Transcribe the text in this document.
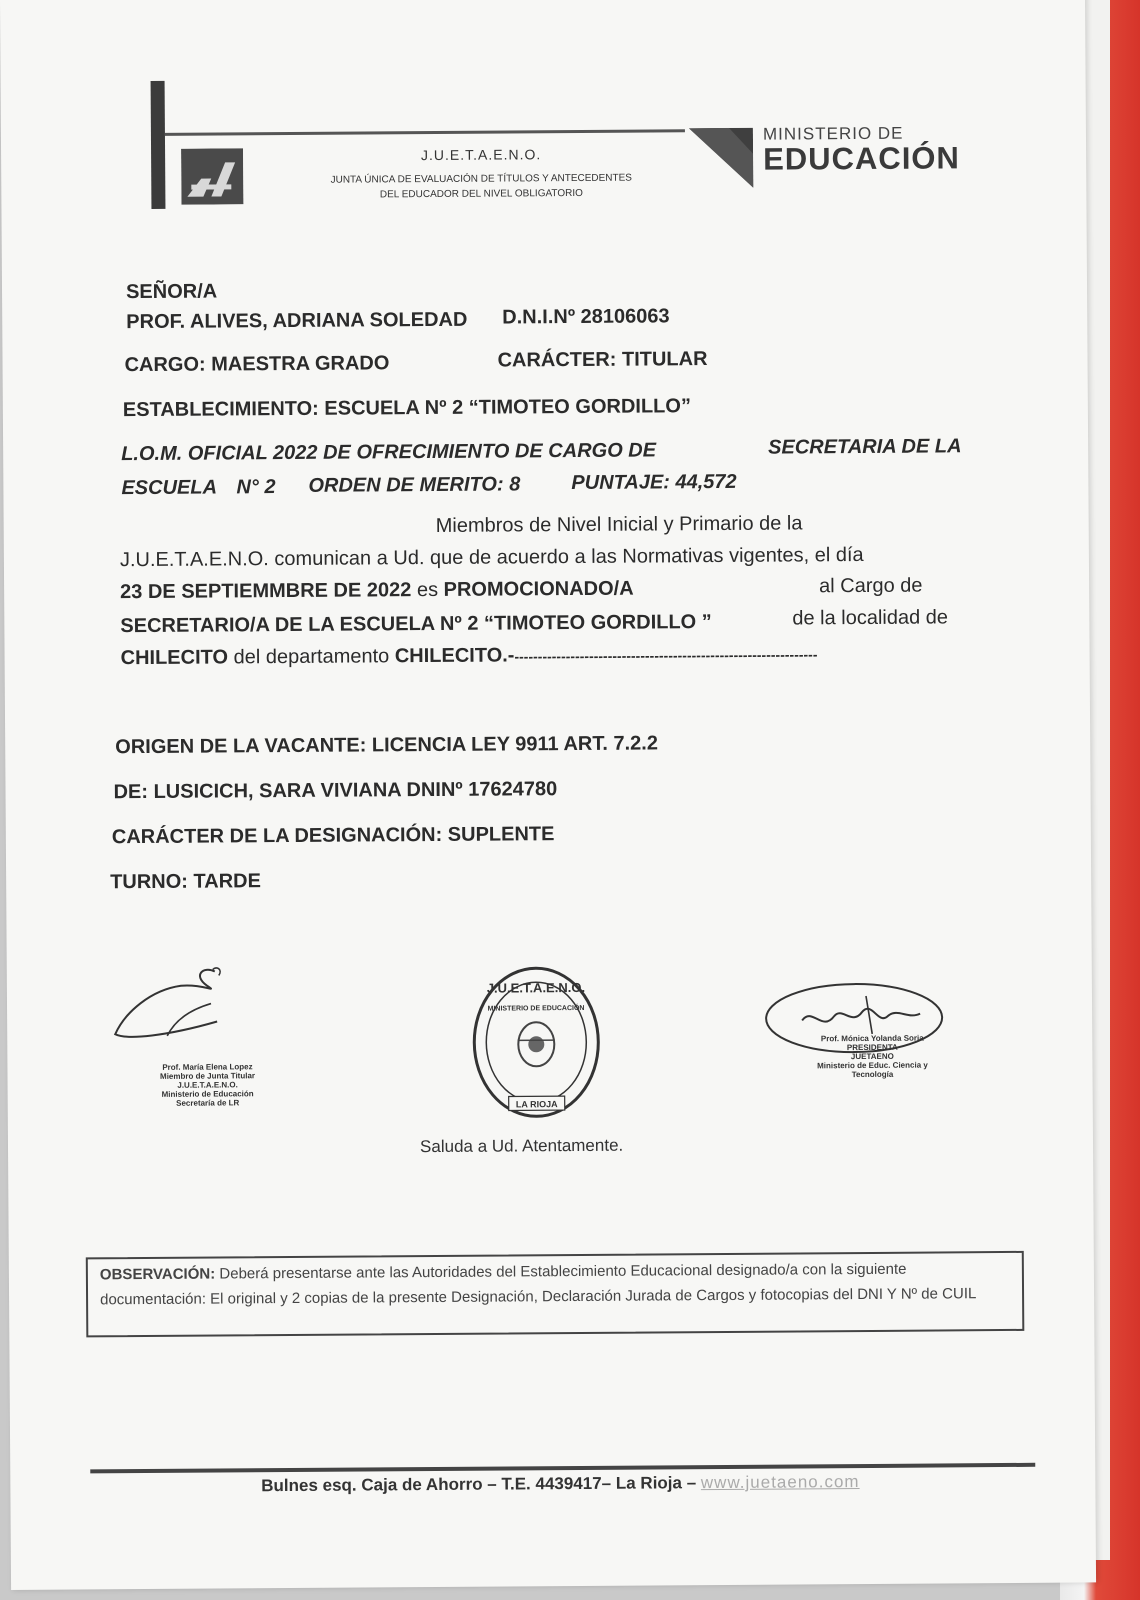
J.U.E.T.A.E.N.O.
JUNTA ÚNICA DE EVALUACIÓN DE TÍTULOS Y ANTECEDENTES
DEL EDUCADOR DEL NIVEL OBLIGATORIO
MINISTERIO DE
EDUCACIÓN
SEÑOR/A
PROF. ALIVES, ADRIANA SOLEDAD D.N.I.Nº 28106063
CARGO: MAESTRA GRADO	CARÁCTER: TITULAR
ESTABLECIMIENTO: ESCUELA Nº 2 “TIMOTEO GORDILLO”
L.O.M. OFICIAL 2022 DE OFRECIMIENTO DE CARGO DE	SECRETARIA DE LA
ESCUELA N° 2 ORDEN DE MERITO: 8	PUNTAJE: 44,572
Miembros de Nivel Inicial y Primario de la
J.U.E.T.A.E.N.O. comunican a Ud. que de acuerdo a las Normativas vigentes, el día
23 DE SEPTIEMMBRE DE 2022 es PROMOCIONADO/A	al Cargo de
SECRETARIO/A DE LA ESCUELA Nº 2 “TIMOTEO GORDILLO ”	de la localidad de
CHILECITO del departamento CHILECITO.------------------------------------------------------------------
ORIGEN DE LA VACANTE: LICENCIA LEY 9911 ART. 7.2.2
DE: LUSICICH, SARA VIVIANA DNINº 17624780
CARÁCTER DE LA DESIGNACIÓN: SUPLENTE
TURNO: TARDE
Prof. María Elena Lopez
Miembro de Junta Titular
J.U.E.T.A.E.N.O.
Ministerio de Educación
Secretaría de LR
J.U.E.T.A.E.N.O.
MINISTERIO DE EDUCACIÓN
LA RIOJA
Prof. Mónica Yolanda Soria
PRESIDENTA
JUETAENO
Ministerio de Educ. Ciencia y Tecnología
Saluda a Ud. Atentamente.
OBSERVACIÓN: Deberá presentarse ante las Autoridades del Establecimiento Educacional designado/a con la siguiente documentación: El original y 2 copias de la presente Designación, Declaración Jurada de Cargos y fotocopias del DNI Y Nº de CUIL
Bulnes esq. Caja de Ahorro – T.E. 4439417– La Rioja – www.juetaeno.com
